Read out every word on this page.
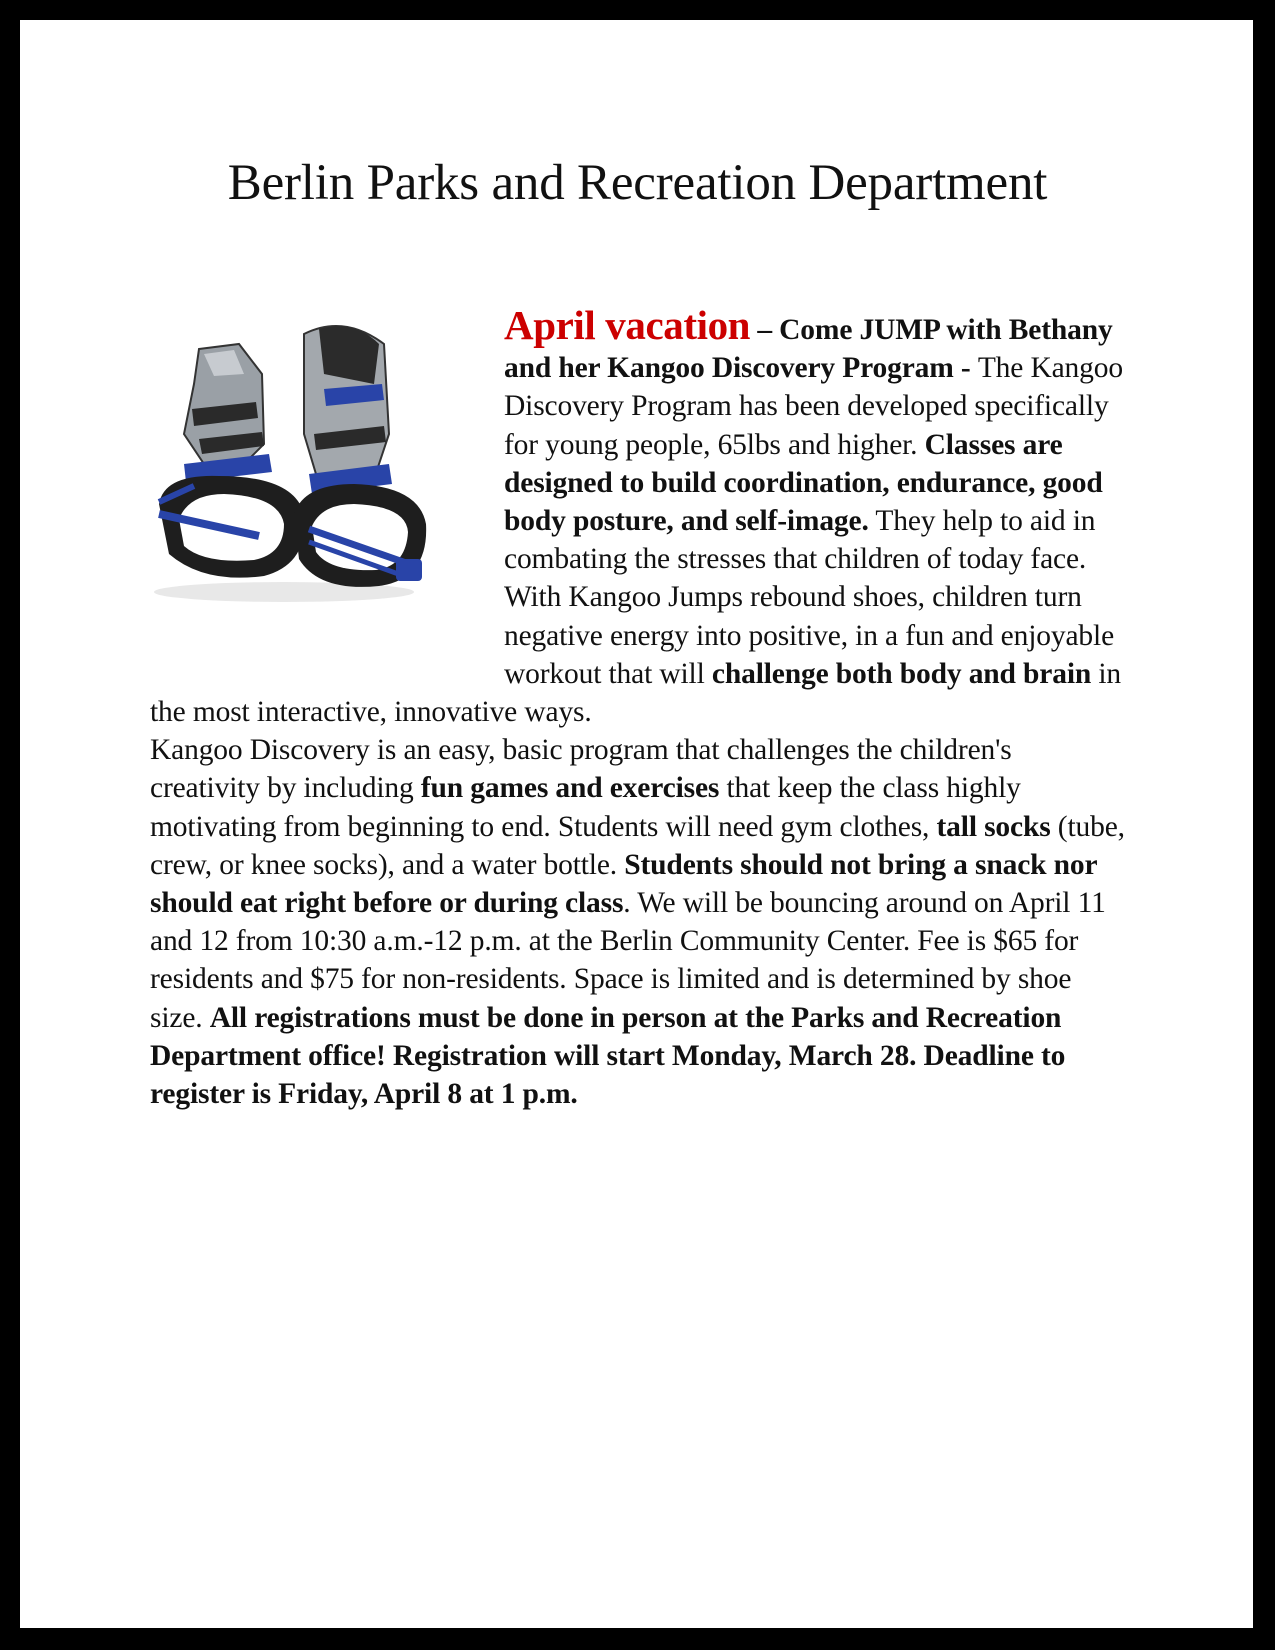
Berlin Parks and Recreation Department

April vacation – Come JUMP with Bethany and her Kangoo Discovery Program - The Kangoo Discovery Program has been developed specifically for young people, 65lbs and higher. Classes are designed to build coordination, endurance, good body posture, and self-image. They help to aid in combating the stresses that children of today face. With Kangoo Jumps rebound shoes, children turn negative energy into positive, in a fun and enjoyable workout that will challenge both body and brain in the most interactive, innovative ways.

Kangoo Discovery is an easy, basic program that challenges the children's creativity by including fun games and exercises that keep the class highly motivating from beginning to end. Students will need gym clothes, tall socks (tube, crew, or knee socks), and a water bottle. Students should not bring a snack nor should eat right before or during class. We will be bouncing around on April 11 and 12 from 10:30 a.m.-12 p.m. at the Berlin Community Center. Fee is $65 for residents and $75 for non-residents. Space is limited and is determined by shoe size. All registrations must be done in person at the Parks and Recreation Department office! Registration will start Monday, March 28. Deadline to register is Friday, April 8 at 1 p.m.
